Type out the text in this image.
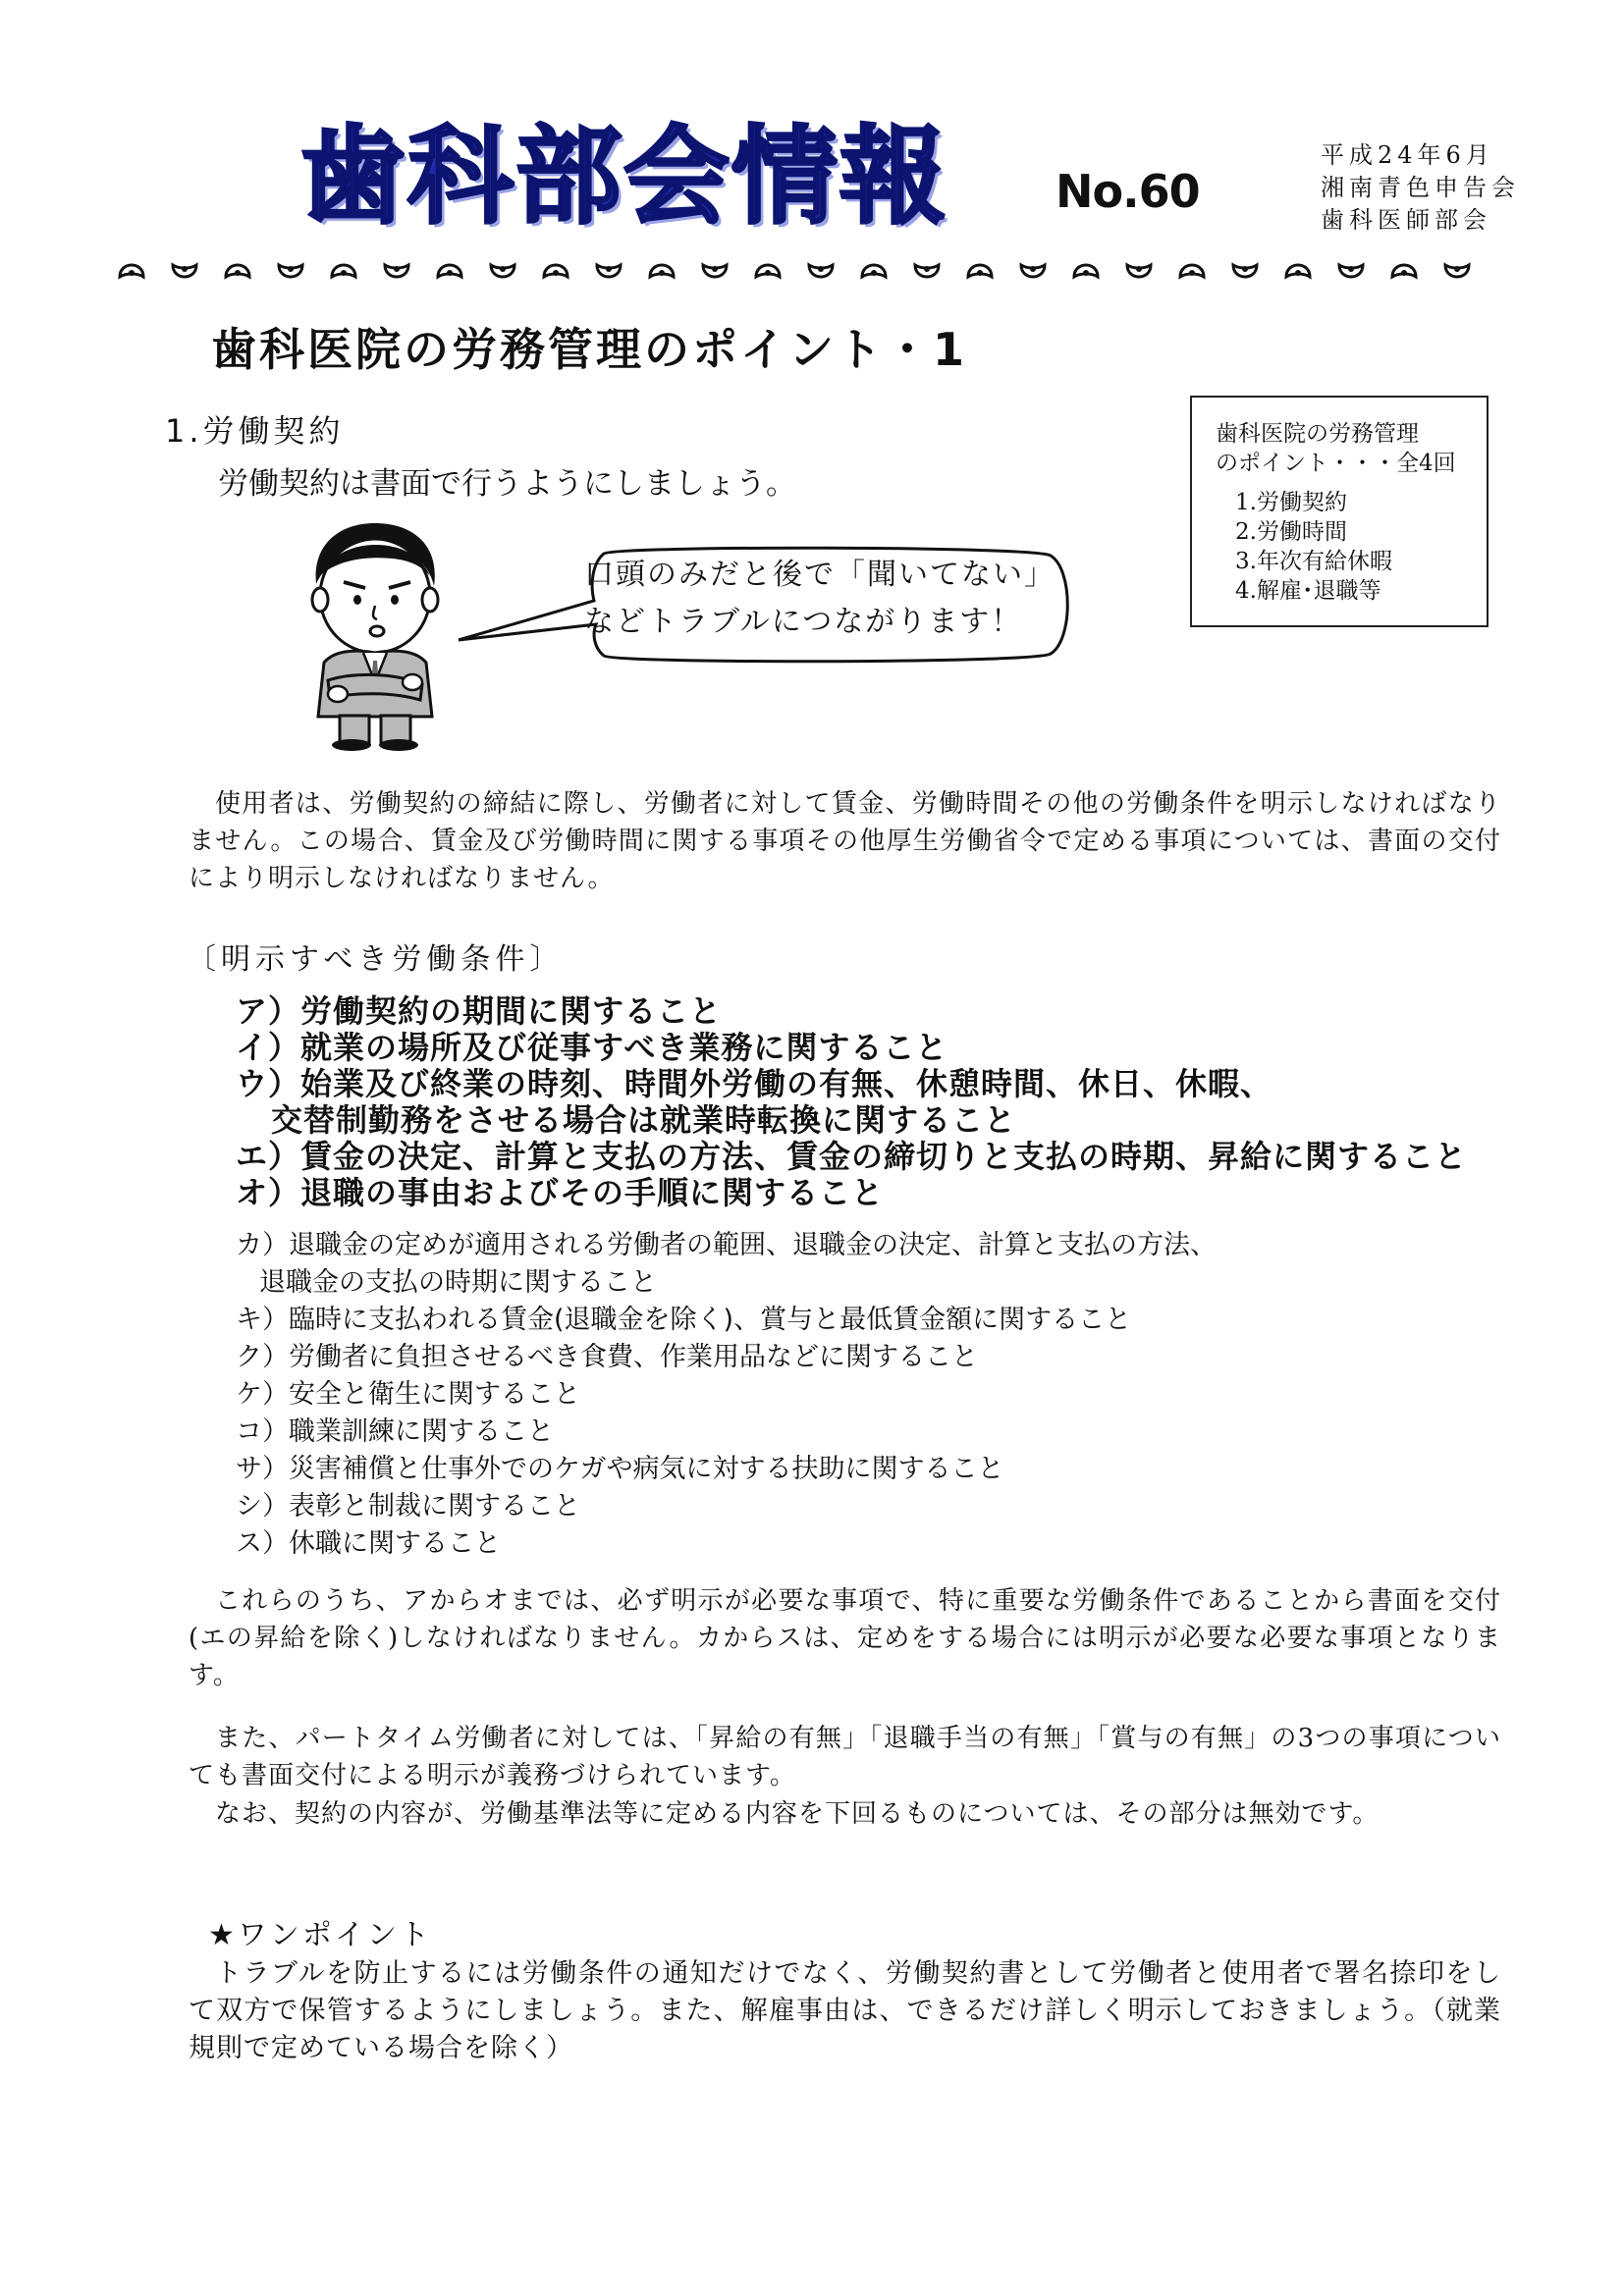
歯科部会情報	No.60
平成24年6月
湘南青色申告会
歯科医師部会
歯科医院の労務管理のポイント・1
1.労働契約
労働契約は書面で行うようにしましょう。
歯科医院の労務管理
のポイント・・・全4回
1.労働契約
2.労働時間
3.年次有給休暇
4.解雇･退職等
口頭のみだと後で「聞いてない」
などトラブルにつながります！
使用者は、労働契約の締結に際し、労働者に対して賃金、労働時間その他の労働条件を明示しなければなりません。この場合、賃金及び労働時間に関する事項その他厚生労働省令で定める事項については、書面の交付により明示しなければなりません。
〔明示すべき労働条件〕
ア）労働契約の期間に関すること
イ）就業の場所及び従事すべき業務に関すること
ウ）始業及び終業の時刻、時間外労働の有無、休憩時間、休日、休暇、
交替制勤務をさせる場合は就業時転換に関すること
エ）賃金の決定、計算と支払の方法、賃金の締切りと支払の時期、昇給に関すること
オ）退職の事由およびその手順に関すること
カ）退職金の定めが適用される労働者の範囲、退職金の決定、計算と支払の方法、
退職金の支払の時期に関すること
キ）臨時に支払われる賃金(退職金を除く)、賞与と最低賃金額に関すること
ク）労働者に負担させるべき食費、作業用品などに関すること
ケ）安全と衛生に関すること
コ）職業訓練に関すること
サ）災害補償と仕事外でのケガや病気に対する扶助に関すること
シ）表彰と制裁に関すること
ス）休職に関すること
これらのうち、アからオまでは、必ず明示が必要な事項で、特に重要な労働条件であることから書面を交付(エの昇給を除く)しなければなりません。カからスは、定めをする場合には明示が必要な必要な事項となります。
また、パートタイム労働者に対しては、「昇給の有無」「退職手当の有無」「賞与の有無」の3つの事項についても書面交付による明示が義務づけられています。
なお、契約の内容が、労働基準法等に定める内容を下回るものについては、その部分は無効です。
★ワンポイント
トラブルを防止するには労働条件の通知だけでなく、労働契約書として労働者と使用者で署名捺印をして双方で保管するようにしましょう。また、解雇事由は、できるだけ詳しく明示しておきましょう。（就業規則で定めている場合を除く）
